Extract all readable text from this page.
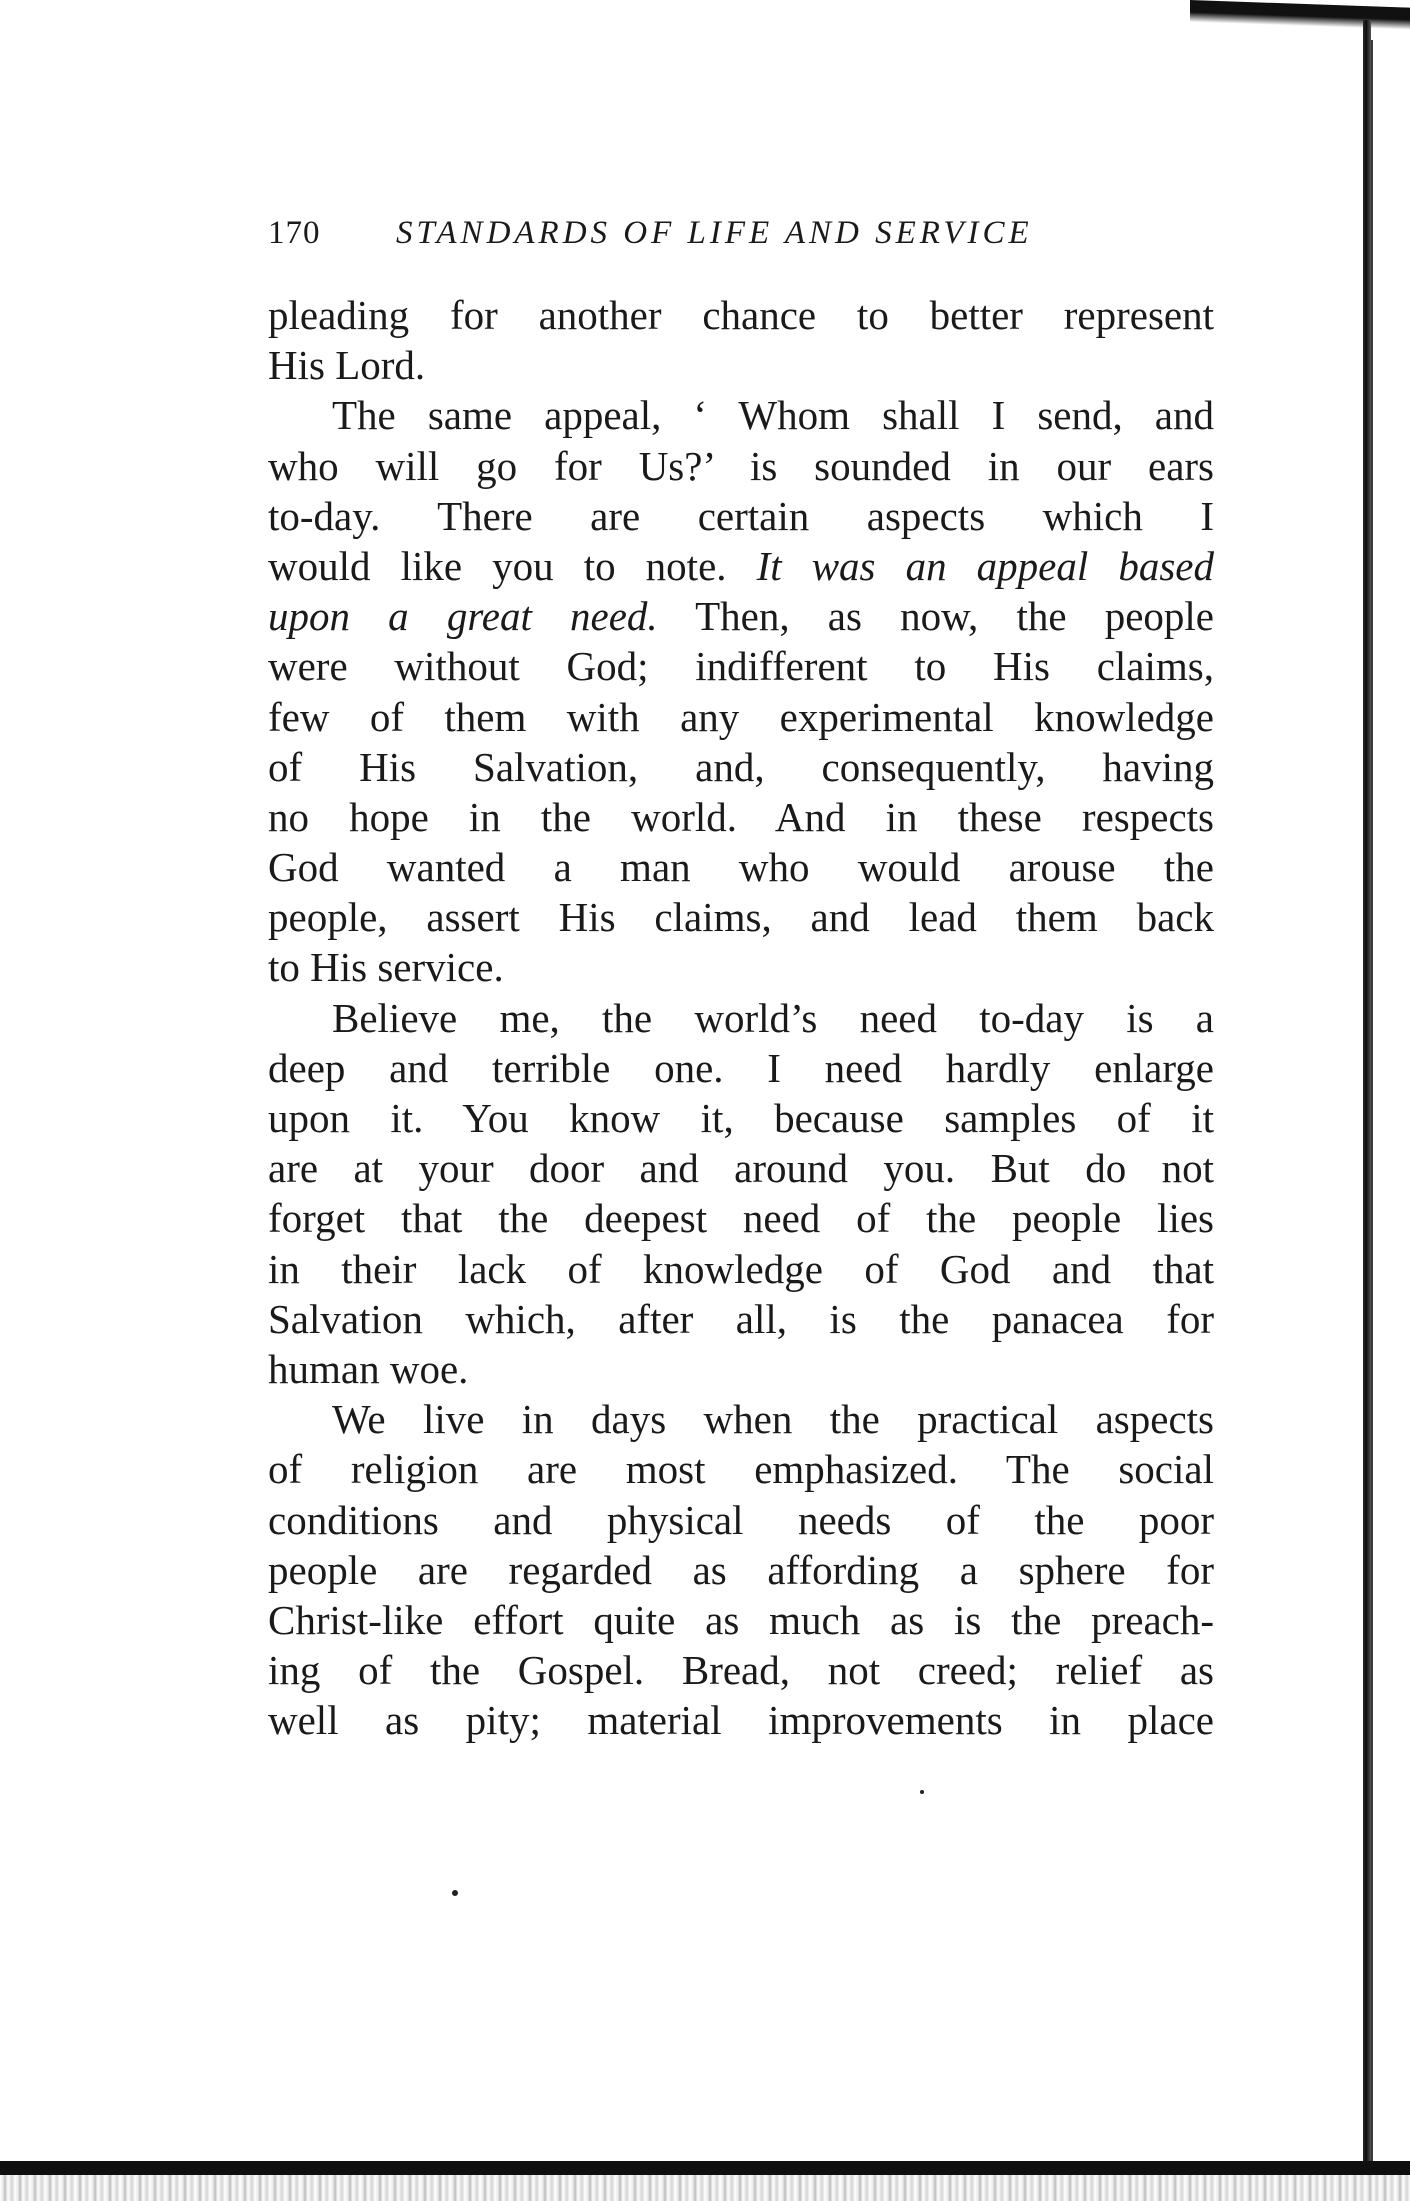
170 STANDARDS OF LIFE AND SERVICE
pleading for another chance to better represent
His Lord.
The same appeal, ‘ Whom shall I send, and
who will go for Us?’ is sounded in our ears
to-day. There are certain aspects which I
would like you to note. It was an appeal based
upon a great need. Then, as now, the people
were without God; indifferent to His claims,
few of them with any experimental knowledge
of His Salvation, and, consequently, having
no hope in the world. And in these respects
God wanted a man who would arouse the
people, assert His claims, and lead them back
to His service.
Believe me, the world’s need to-day is a
deep and terrible one. I need hardly enlarge
upon it. You know it, because samples of it
are at your door and around you. But do not
forget that the deepest need of the people lies
in their lack of knowledge of God and that
Salvation which, after all, is the panacea for
human woe.
We live in days when the practical aspects
of religion are most emphasized. The social
conditions and physical needs of the poor
people are regarded as affording a sphere for
Christ-like effort quite as much as is the preach-
ing of the Gospel. Bread, not creed; relief as
well as pity; material improvements in place
